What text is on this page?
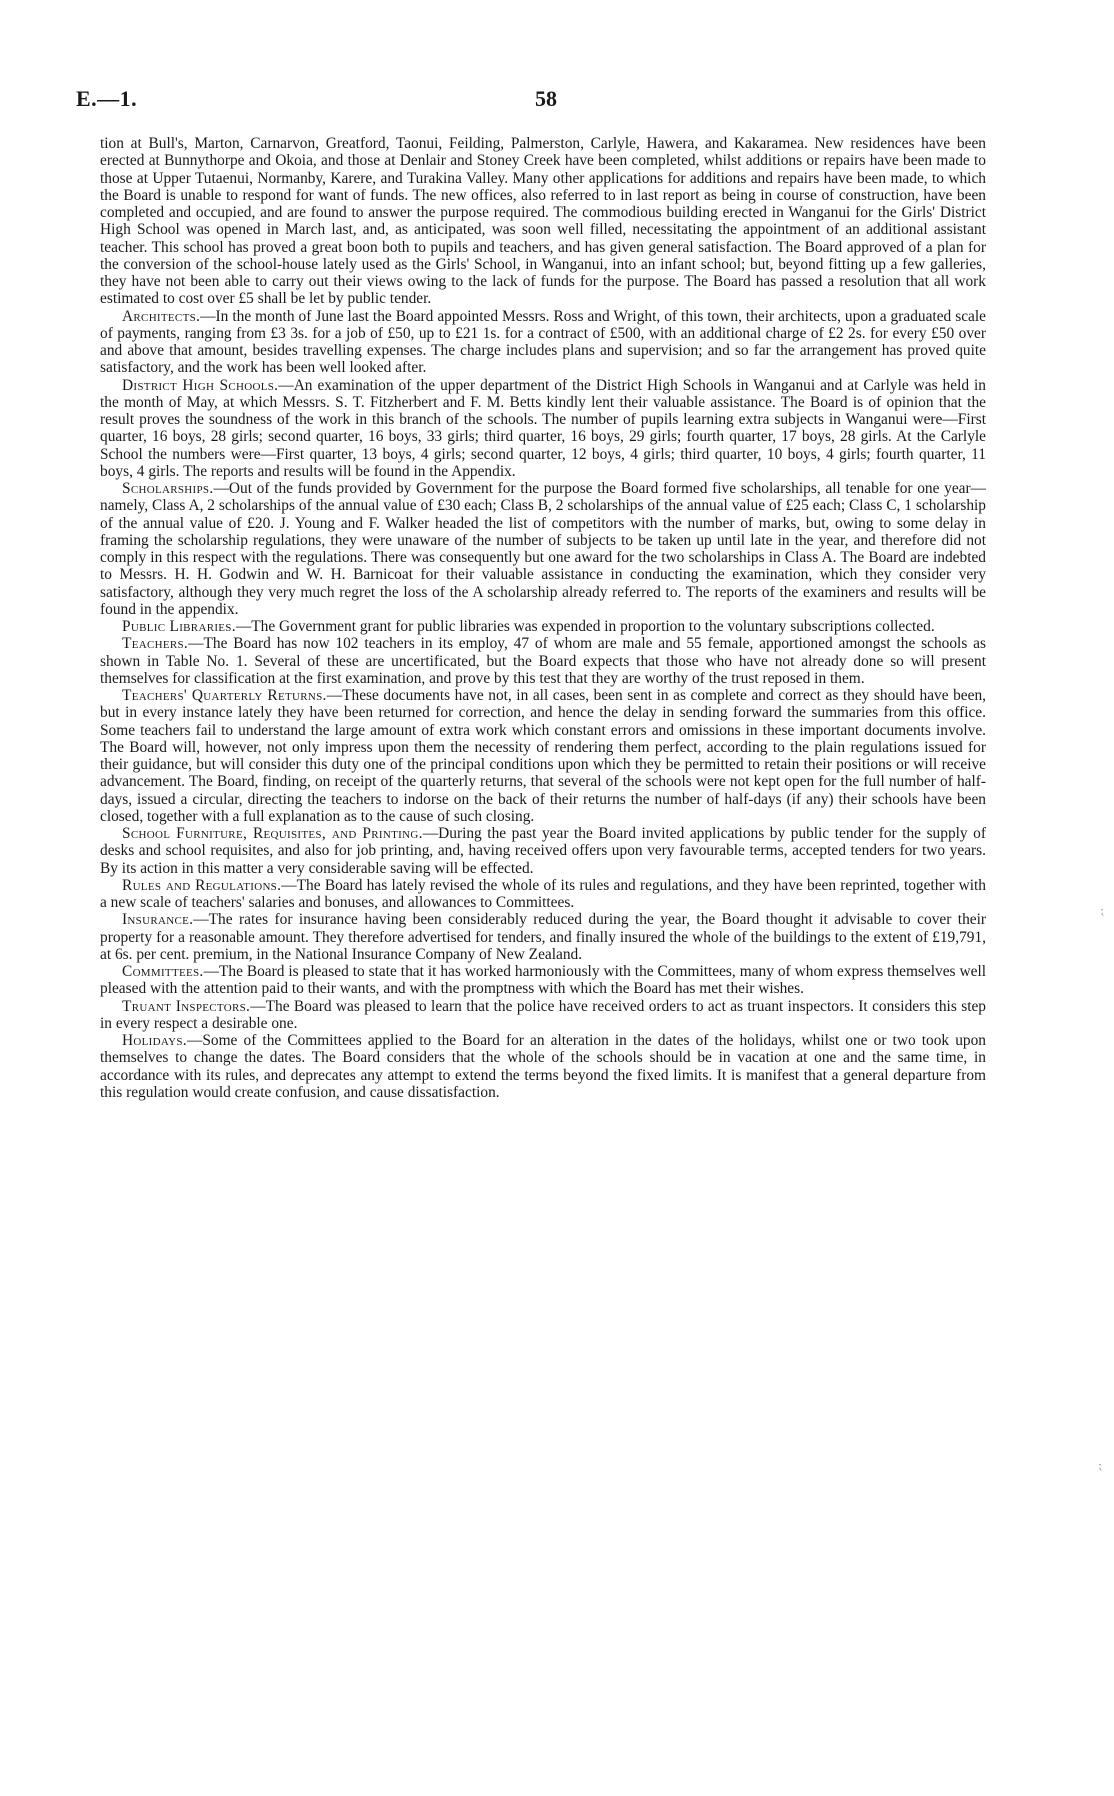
E.—1.	58

tion at Bull's, Marton, Carnarvon, Greatford, Taonui, Feilding, Palmerston, Carlyle, Hawera, and Kakaramea. New residences have been erected at Bunnythorpe and Okoia, and those at Denlair and Stoney Creek have been completed, whilst additions or repairs have been made to those at Upper Tutaenui, Normanby, Karere, and Turakina Valley. Many other applications for additions and repairs have been made, to which the Board is unable to respond for want of funds. The new offices, also referred to in last report as being in course of construction, have been completed and occupied, and are found to answer the purpose required. The commodious building erected in Wanganui for the Girls' District High School was opened in March last, and, as anticipated, was soon well filled, necessitating the appointment of an additional assistant teacher. This school has proved a great boon both to pupils and teachers, and has given general satisfaction. The Board approved of a plan for the conversion of the school-house lately used as the Girls' School, in Wanganui, into an infant school; but, beyond fitting up a few galleries, they have not been able to carry out their views owing to the lack of funds for the purpose. The Board has passed a resolution that all work estimated to cost over £5 shall be let by public tender.

Architects.—In the month of June last the Board appointed Messrs. Ross and Wright, of this town, their architects, upon a graduated scale of payments, ranging from £3 3s. for a job of £50, up to £21 1s. for a contract of £500, with an additional charge of £2 2s. for every £50 over and above that amount, besides travelling expenses. The charge includes plans and supervision; and so far the arrangement has proved quite satisfactory, and the work has been well looked after.

District High Schools.—An examination of the upper department of the District High Schools in Wanganui and at Carlyle was held in the month of May, at which Messrs. S. T. Fitzherbert and F. M. Betts kindly lent their valuable assistance. The Board is of opinion that the result proves the soundness of the work in this branch of the schools. The number of pupils learning extra subjects in Wanganui were—First quarter, 16 boys, 28 girls; second quarter, 16 boys, 33 girls; third quarter, 16 boys, 29 girls; fourth quarter, 17 boys, 28 girls. At the Carlyle School the numbers were—First quarter, 13 boys, 4 girls; second quarter, 12 boys, 4 girls; third quarter, 10 boys, 4 girls; fourth quarter, 11 boys, 4 girls. The reports and results will be found in the Appendix.

Scholarships.—Out of the funds provided by Government for the purpose the Board formed five scholarships, all tenable for one year—namely, Class A, 2 scholarships of the annual value of £30 each; Class B, 2 scholarships of the annual value of £25 each; Class C, 1 scholarship of the annual value of £20. J. Young and F. Walker headed the list of competitors with the number of marks, but, owing to some delay in framing the scholarship regulations, they were unaware of the number of subjects to be taken up until late in the year, and therefore did not comply in this respect with the regulations. There was consequently but one award for the two scholarships in Class A. The Board are indebted to Messrs. H. H. Godwin and W. H. Barnicoat for their valuable assistance in conducting the examination, which they consider very satisfactory, although they very much regret the loss of the A scholarship already referred to. The reports of the examiners and results will be found in the appendix.

Public Libraries.—The Government grant for public libraries was expended in proportion to the voluntary subscriptions collected.

Teachers.—The Board has now 102 teachers in its employ, 47 of whom are male and 55 female, apportioned amongst the schools as shown in Table No. 1. Several of these are uncertificated, but the Board expects that those who have not already done so will present themselves for classification at the first examination, and prove by this test that they are worthy of the trust reposed in them.

Teachers' Quarterly Returns.—These documents have not, in all cases, been sent in as complete and correct as they should have been, but in every instance lately they have been returned for correction, and hence the delay in sending forward the summaries from this office. Some teachers fail to understand the large amount of extra work which constant errors and omissions in these important documents involve. The Board will, however, not only impress upon them the necessity of rendering them perfect, according to the plain regulations issued for their guidance, but will consider this duty one of the principal conditions upon which they be permitted to retain their positions or will receive advancement. The Board, finding, on receipt of the quarterly returns, that several of the schools were not kept open for the full number of half-days, issued a circular, directing the teachers to indorse on the back of their returns the number of half-days (if any) their schools have been closed, together with a full explanation as to the cause of such closing.

School Furniture, Requisites, and Printing.—During the past year the Board invited applications by public tender for the supply of desks and school requisites, and also for job printing, and, having received offers upon very favourable terms, accepted tenders for two years. By its action in this matter a very considerable saving will be effected.

Rules and Regulations.—The Board has lately revised the whole of its rules and regulations, and they have been reprinted, together with a new scale of teachers' salaries and bonuses, and allowances to Committees.

Insurance.—The rates for insurance having been considerably reduced during the year, the Board thought it advisable to cover their property for a reasonable amount. They therefore advertised for tenders, and finally insured the whole of the buildings to the extent of £19,791, at 6s. per cent. premium, in the National Insurance Company of New Zealand.

Committees.—The Board is pleased to state that it has worked harmoniously with the Committees, many of whom express themselves well pleased with the attention paid to their wants, and with the promptness with which the Board has met their wishes.

Truant Inspectors.—The Board was pleased to learn that the police have received orders to act as truant inspectors. It considers this step in every respect a desirable one.

Holidays.—Some of the Committees applied to the Board for an alteration in the dates of the holidays, whilst one or two took upon themselves to change the dates. The Board considers that the whole of the schools should be in vacation at one and the same time, in accordance with its rules, and deprecates any attempt to extend the terms beyond the fixed limits. It is manifest that a general departure from this regulation would create confusion, and cause dissatisfaction.

⁏
⁏
